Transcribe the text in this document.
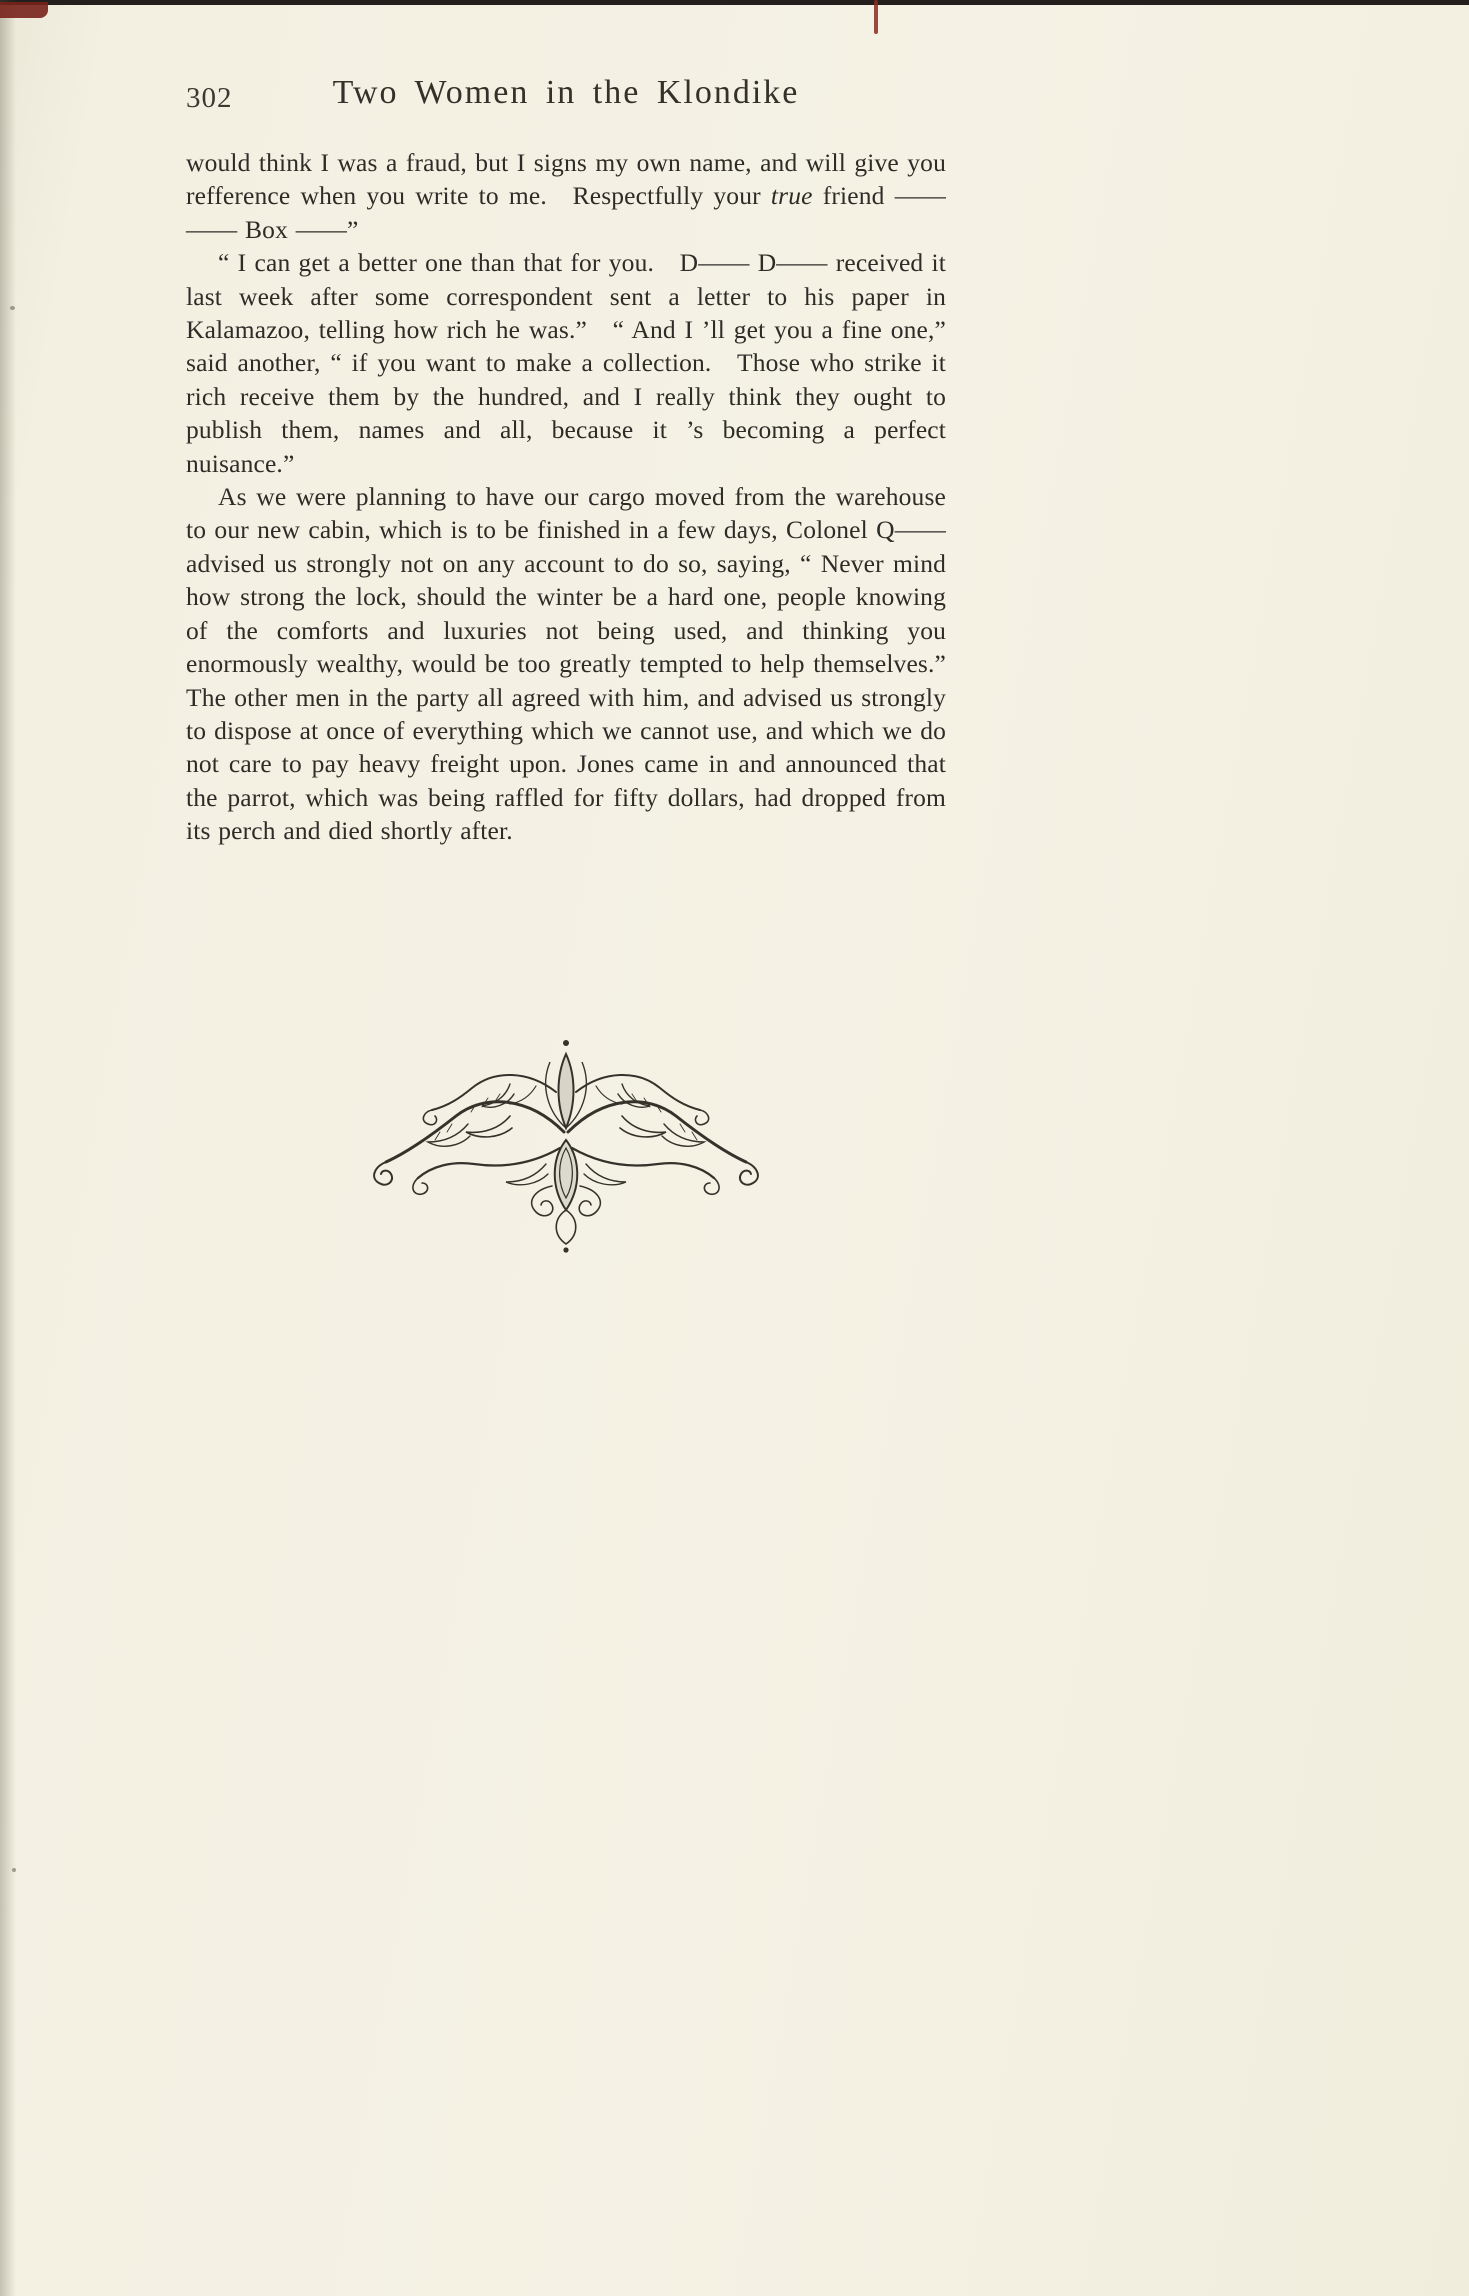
302	Two Women in the Klondike

would think I was a fraud, but I signs my own name, and will give you refference when you write to me. Respectfully your true friend —— —— Box ——”

“ I can get a better one than that for you. D—— D—— received it last week after some correspondent sent a letter to his paper in Kalamazoo, telling how rich he was.” “ And I ’ll get you a fine one,” said another, “ if you want to make a collection. Those who strike it rich receive them by the hundred, and I really think they ought to publish them, names and all, because it ’s becoming a perfect nuisance.”

As we were planning to have our cargo moved from the warehouse to our new cabin, which is to be finished in a few days, Colonel Q—— advised us strongly not on any account to do so, saying, “ Never mind how strong the lock, should the winter be a hard one, people knowing of the comforts and luxuries not being used, and thinking you enormously wealthy, would be too greatly tempted to help themselves.” The other men in the party all agreed with him, and advised us strongly to dispose at once of everything which we cannot use, and which we do not care to pay heavy freight upon. Jones came in and announced that the parrot, which was being raffled for fifty dollars, had dropped from its perch and died shortly after.
